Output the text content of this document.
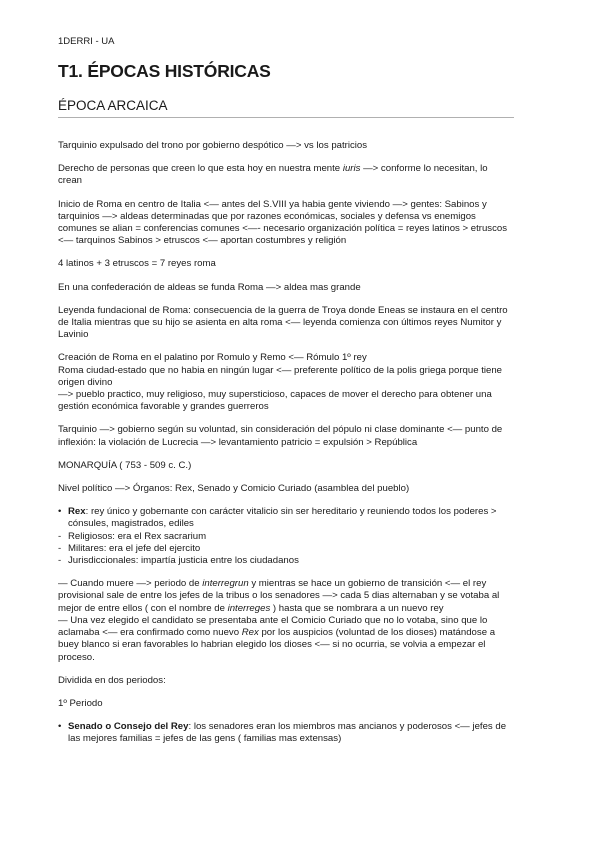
1DERRI - UA
T1. ÉPOCAS HISTÓRICAS
ÉPOCA ARCAICA

Tarquinio expulsado del trono por gobierno despótico —> vs los patricios

Derecho de personas que creen lo que esta hoy en nuestra mente iuris —> conforme lo necesitan, lo crean

Inicio de Roma en centro de Italia <— antes del S.VIII ya habia gente viviendo —> gentes: Sabinos y tarquinios —> aldeas determinadas que por razones económicas, sociales y defensa vs enemigos comunes se alian = conferencias comunes <—- necesario organización política = reyes latinos > etruscos <— tarquinos Sabinos > etruscos <— aportan costumbres y religión

4 latinos + 3 etruscos = 7 reyes roma

En una confederación de aldeas se funda Roma —> aldea mas grande

Leyenda fundacional de Roma: consecuencia de la guerra de Troya donde Eneas se instaura en el centro de Italia mientras que su hijo se asienta en alta roma <— leyenda comienza con últimos reyes Numitor y Lavinio

Creación de Roma en el palatino por Romulo y Remo <— Rómulo 1º rey

Roma ciudad-estado que no habia en ningún lugar <— preferente político de la polis griega porque tiene origen divino

—> pueblo practico, muy religioso, muy supersticioso, capaces de mover el derecho para obtener una gestión económica favorable y grandes guerreros

Tarquinio —> gobierno según su voluntad, sin consideración del pópulo ni clase dominante <— punto de inflexión: la violación de Lucrecia —> levantamiento patricio = expulsión > República

MONARQUÍA ( 753 - 509 c. C.)

Nivel político —> Órganos: Rex, Senado y Comicio Curiado (asamblea del pueblo)

• Rex: rey único y gobernante con carácter vitalicio sin ser hereditario y reuniendo todos los poderes > cónsules, magistrados, ediles
- Religiosos: era el Rex sacrarium
- Militares: era el jefe del ejercito
- Jurisdiccionales: impartía justicia entre los ciudadanos

— Cuando muere —> periodo de interregrun y mientras se hace un gobierno de transición <— el rey provisional sale de entre los jefes de la tribus o los senadores —> cada 5 dias alternaban y se votaba al mejor de entre ellos ( con el nombre de interreges ) hasta que se nombrara a un nuevo rey

— Una vez elegido el candidato se presentaba ante el Comicio Curiado que no lo votaba, sino que lo aclamaba <— era confirmado como nuevo Rex por los auspicios (voluntad de los dioses) matándose a buey blanco si eran favorables lo habrian elegido los dioses <— si no ocurria, se volvia a empezar el proceso.

Dividida en dos periodos:

1º Periodo

• Senado o Consejo del Rey: los senadores eran los miembros mas ancianos y poderosos <— jefes de las mejores familias = jefes de las gens ( familias mas extensas)
